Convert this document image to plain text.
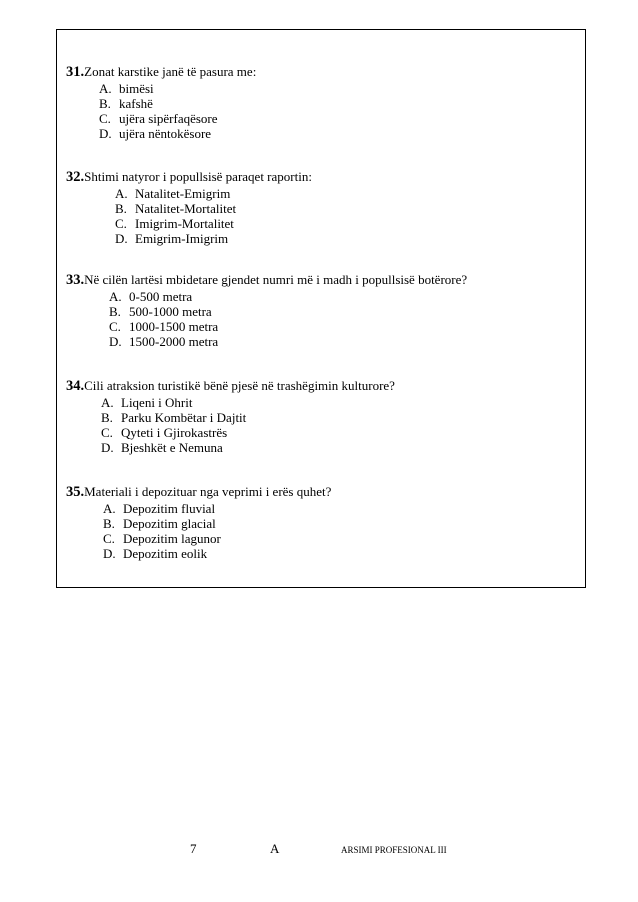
31.Zonat karstike janë të pasura me:
A. bimësi
B. kafshë
C. ujëra sipërfaqësore
D. ujëra nëntokësore
32.Shtimi natyror i popullsisë paraqet raportin:
A. Natalitet-Emigrim
B. Natalitet-Mortalitet
C. Imigrim-Mortalitet
D. Emigrim-Imigrim
33.Në cilën lartësi mbidetare gjendet numri më i madh i popullsisë botërore?
A. 0-500 metra
B. 500-1000 metra
C. 1000-1500 metra
D. 1500-2000 metra
34.Cili atraksion turistikë bënë pjesë në trashëgimin kulturore?
A. Liqeni i Ohrit
B. Parku Kombëtar i Dajtit
C. Qyteti i Gjirokastrës
D. Bjeshkët e Nemuna
35.Materiali i depozituar nga veprimi i erës quhet?
A. Depozitim fluvial
B. Depozitim glacial
C. Depozitim lagunor
D. Depozitim eolik
7	A	ARSIMI PROFESIONAL III
